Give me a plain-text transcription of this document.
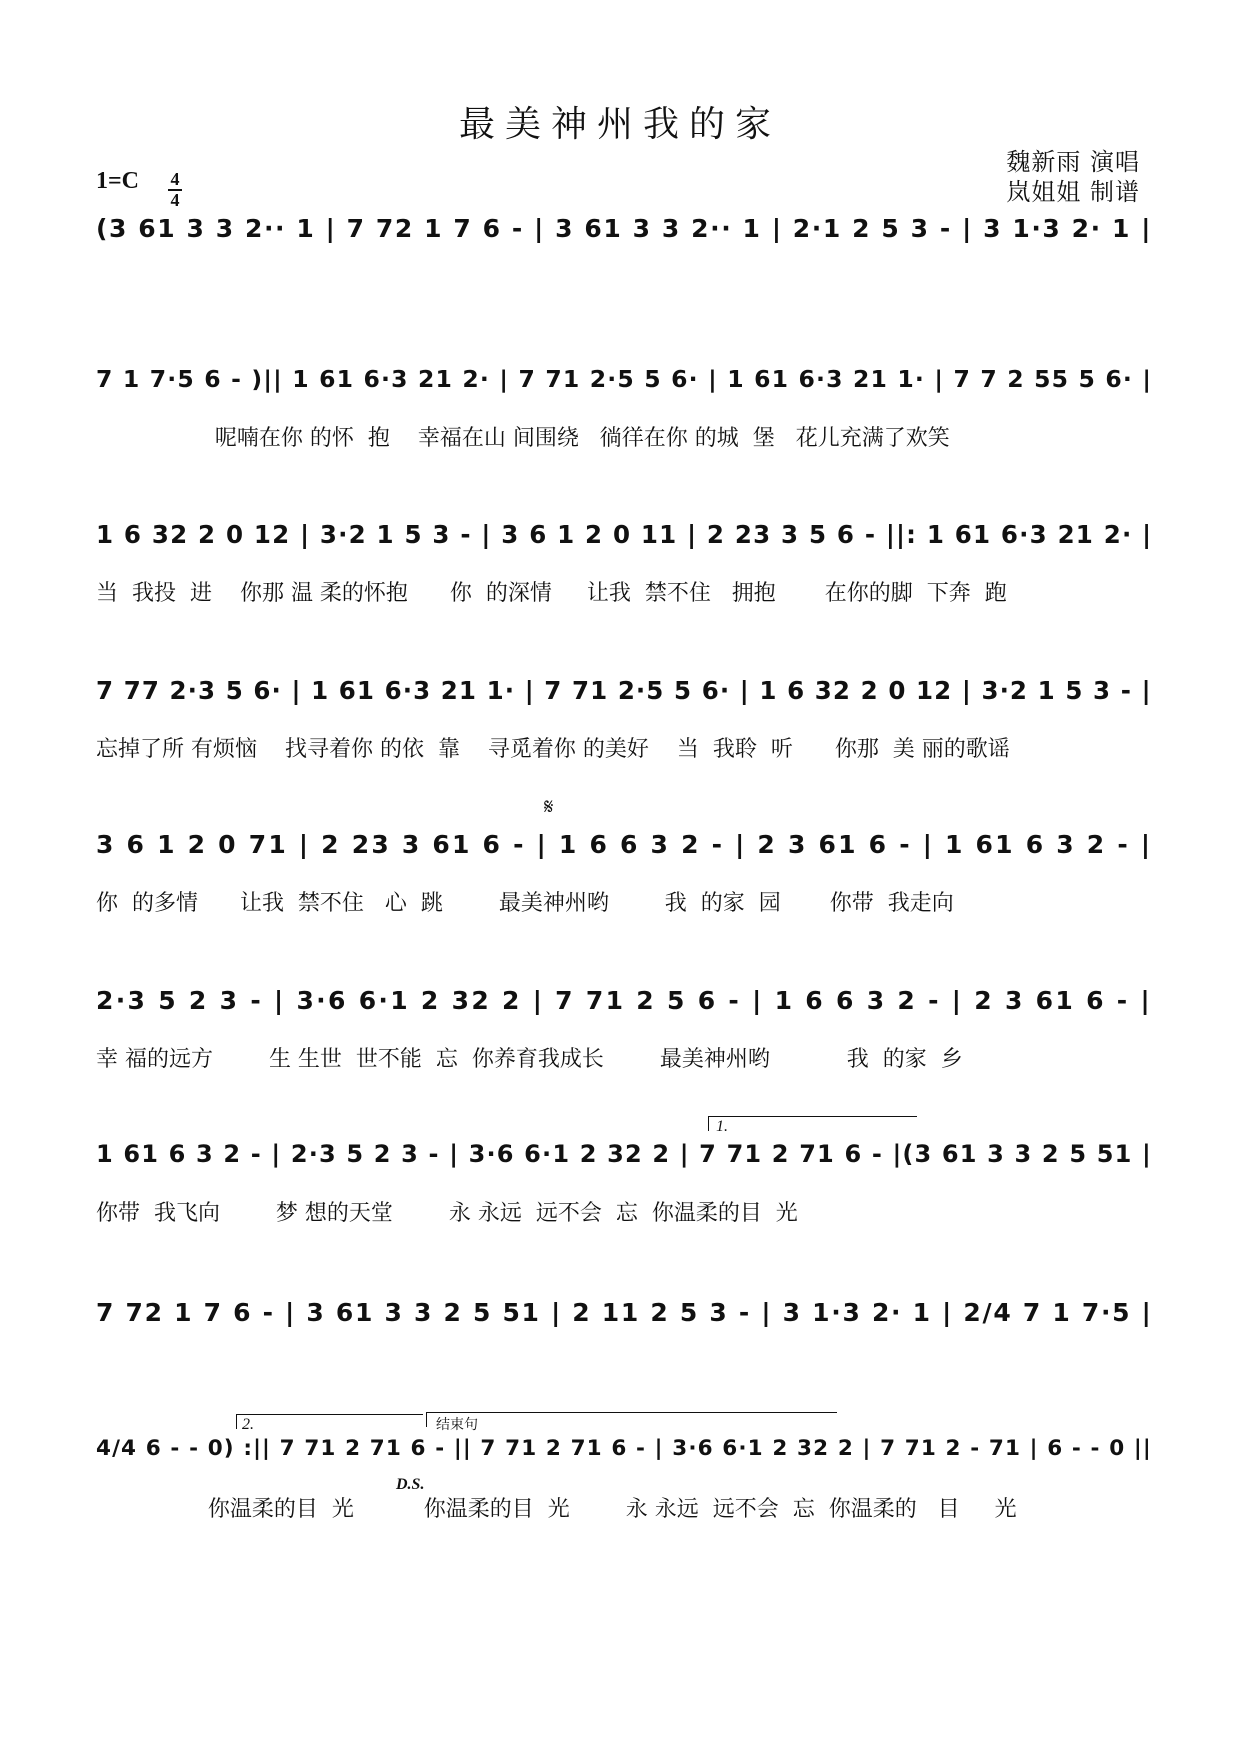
最美神州我的家
1=C 4
4
魏新雨 演唱
岚姐姐 制谱
(3 61 3 3 2·· 1 | 7 72 1 7 6 - | 3 61 3 3 2·· 1 | 2·1 2 5 3 - | 3 1·3 2· 1 |
7 1 7·5 6 - )|| 1 61 6·3 21 2· | 7 71 2·5 5 6· | 1 61 6·3 21 1· | 7 7 2 55 5 6· |
呢喃在你 的怀  抱    幸福在山 间围绕   徜徉在你 的城  堡   花儿充满了欢笑
1 6 32 2 0 12 | 3·2 1 5 3 - | 3 6 1 2 0 11 | 2 23 3 5 6 - ||: 1 61 6·3 21 2· |
当  我投  进    你那 温 柔的怀抱      你  的深情     让我  禁不住   拥抱       在你的脚  下奔  跑
7 77 2·3 5 6· | 1 61 6·3 21 1· | 7 71 2·5 5 6· | 1 6 32 2 0 12 | 3·2 1 5 3 - |
忘掉了所 有烦恼    找寻着你 的依  靠    寻觅着你 的美好    当  我聆  听      你那  美 丽的歌谣
𝄋
3 6 1 2 0 71 | 2 23 3 61 6 - | 1 6 6 3 2 - | 2 3 61 6 - | 1 61 6 3 2 - |
你  的多情      让我  禁不住   心  跳        最美神州哟        我  的家  园       你带  我走向
2·3 5 2 3 - | 3·6 6·1 2 32 2 | 7 71 2 5 6 - | 1 6 6 3 2 - | 2 3 61 6 - |
幸 福的远方        生 生世  世不能  忘  你养育我成长        最美神州哟           我  的家  乡
1.
1 61 6 3 2 - | 2·3 5 2 3 - | 3·6 6·1 2 32 2 | 7 71 2 71 6 - |(3 61 3 3 2 5 51 |
你带  我飞向        梦 想的天堂        永 永远  远不会  忘  你温柔的目  光
7 72 1 7 6 - | 3 61 3 3 2 5 51 | 2 11 2 5 3 - | 3 1·3 2· 1 | 2/4 7 1 7·5 |
2.	结束句
4/4 6 - - 0) :|| 7 71 2 71 6 - || 7 71 2 71 6 - | 3·6 6·1 2 32 2 | 7 71 2 - 71 | 6 - - 0 ||
D.S.
你温柔的目  光          你温柔的目  光        永 永远  远不会  忘  你温柔的   目     光
